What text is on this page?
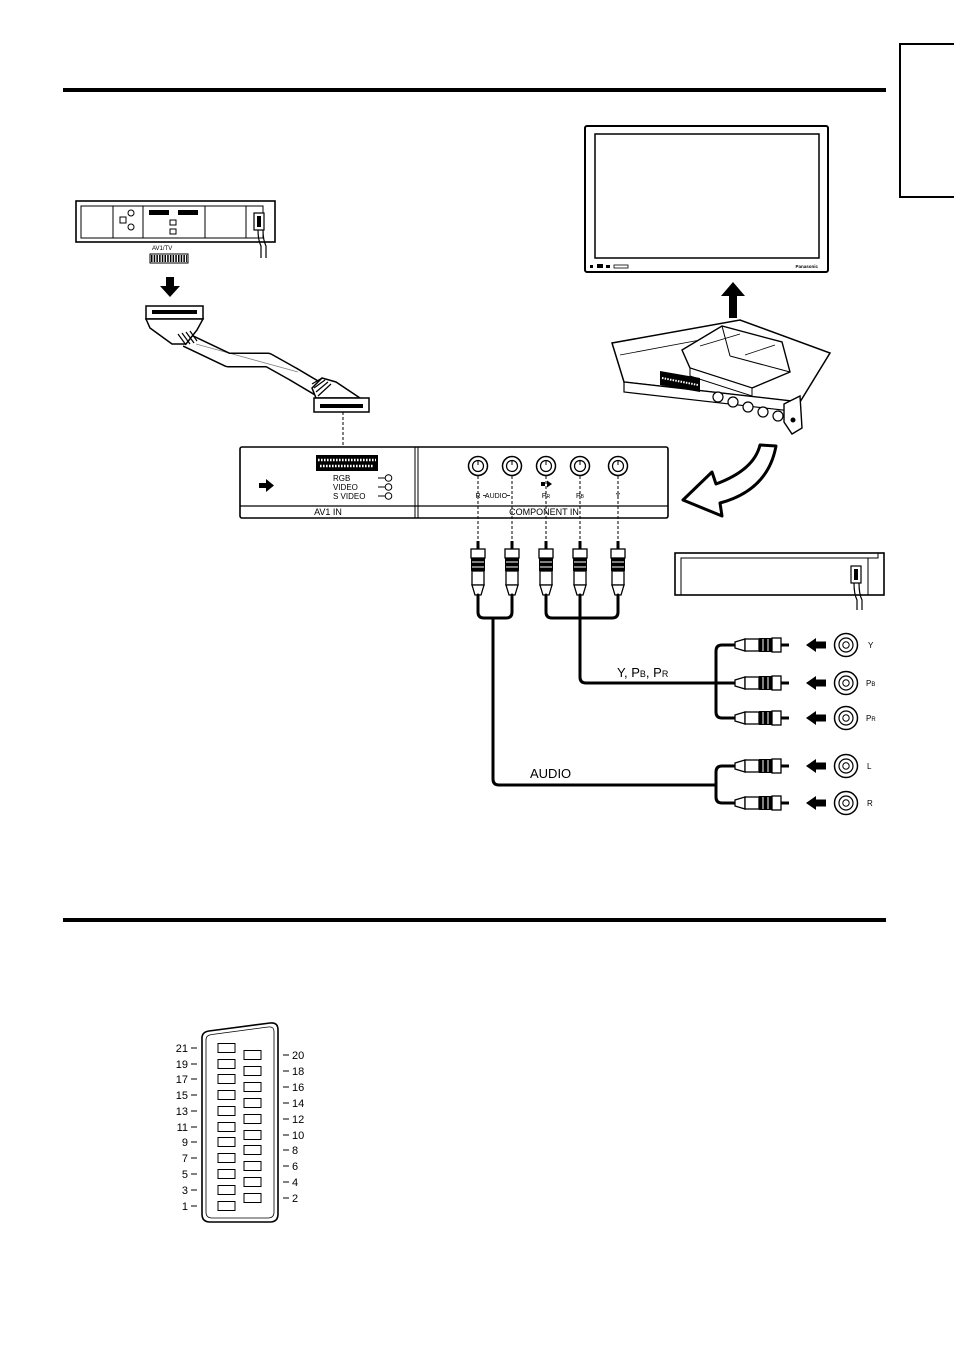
AV1/TV
Panasonic
RGB
VIDEO
S VIDEO
AV1 IN
R AUDIO	PR	PB	Y
COMPONENT IN
Y, PB, PR
AUDIO
Y
PB
PR
L
R
21
19
17
15
13
11
9
7
5
3
1
20
18
16
14
12
10
8
6
4
2
